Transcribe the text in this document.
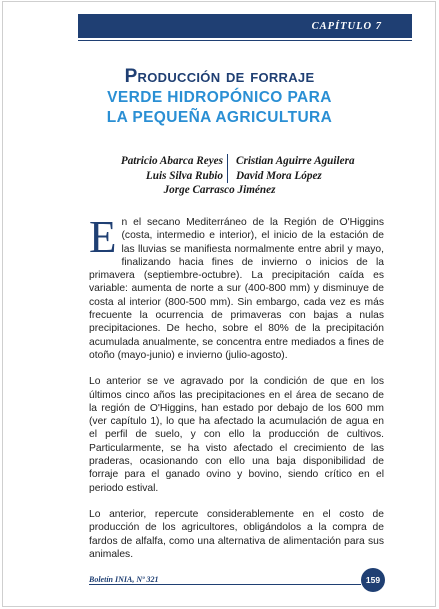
CAPÍTULO 7
Producción de forraje
VERDE HIDROPÓNICO PARA
LA PEQUEÑA AGRICULTURA
Patricio Abarca Reyes
Luis Silva Rubio
Cristian Aguirre Aguilera
David Mora López
Jorge Carrasco Jiménez

E n el secano Mediterráneo de la Región de O'Higgins (costa, intermedio e interior), el inicio de la estación de las lluvias se manifiesta normalmente entre abril y mayo, finalizando hacia fines de invierno o inicios de la primavera (septiembre-octubre). La precipitación caída es variable: aumenta de norte a sur (400-800 mm) y disminuye de costa al interior (800-500 mm). Sin embargo, cada vez es más frecuente la ocurrencia de primaveras con bajas a nulas precipitaciones. De hecho, sobre el 80% de la precipitación acumulada anualmente, se concentra entre mediados a fines de otoño (mayo-junio) e invierno (julio-agosto).

Lo anterior se ve agravado por la condición de que en los últimos cinco años las precipitaciones en el área de secano de la región de O'Higgins, han estado por debajo de los 600 mm (ver capítulo 1), lo que ha afectado la acumulación de agua en el perfil de suelo, y con ello la producción de cultivos. Particularmente, se ha visto afectado el crecimiento de las praderas, ocasionando con ello una baja disponibilidad de forraje para el ganado ovino y bovino, siendo crítico en el periodo estival.

Lo anterior, repercute considerablemente en el costo de producción de los agricultores, obligándolos a la compra de fardos de alfalfa, como una alternativa de alimentación para sus animales.

Boletín INIA, Nº 321	159
